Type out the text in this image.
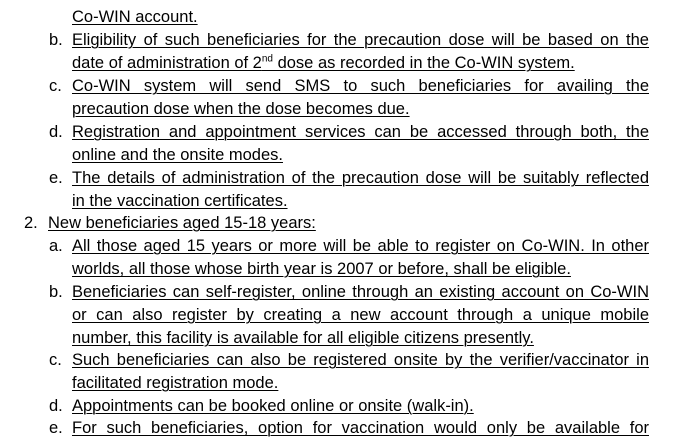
Co-WIN account.
b. Eligibility of such beneficiaries for the precaution dose will be based on the
date of administration of 2nd dose as recorded in the Co-WIN system.
c. Co-WIN system will send SMS to such beneficiaries for availing the
precaution dose when the dose becomes due.
d. Registration and appointment services can be accessed through both, the
online and the onsite modes.
e. The details of administration of the precaution dose will be suitably reflected
in the vaccination certificates.
2. New beneficiaries aged 15-18 years:
a. All those aged 15 years or more will be able to register on Co-WIN. In other
worlds, all those whose birth year is 2007 or before, shall be eligible.
b. Beneficiaries can self-register, online through an existing account on Co-WIN
or can also register by creating a new account through a unique mobile
number, this facility is available for all eligible citizens presently.
c. Such beneficiaries can also be registered onsite by the verifier/vaccinator in
facilitated registration mode.
d. Appointments can be booked online or onsite (walk-in).
e. For such beneficiaries, option for vaccination would only be available for
